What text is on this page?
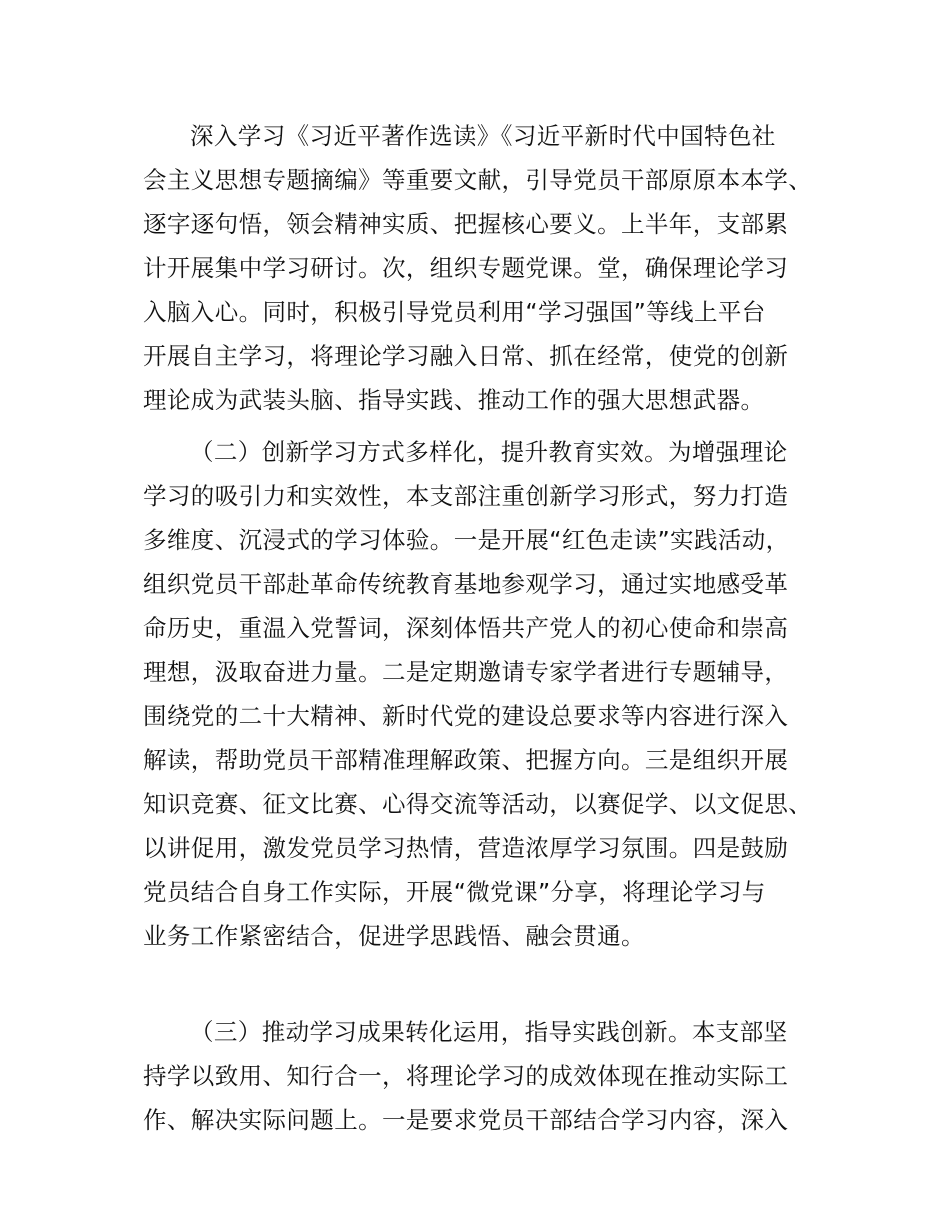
深入学习《习近平著作选读》《习近平新时代中国特色社
会主义思想专题摘编》等重要文献，引导党员干部原原本本学、
逐字逐句悟，领会精神实质、把握核心要义。上半年，支部累
计开展集中学习研讨。次，组织专题党课。堂，确保理论学习
入脑入心。同时，积极引导党员利用“学习强国”等线上平台
开展自主学习，将理论学习融入日常、抓在经常，使党的创新
理论成为武装头脑、指导实践、推动工作的强大思想武器。
（二）创新学习方式多样化，提升教育实效。为增强理论
学习的吸引力和实效性，本支部注重创新学习形式，努力打造
多维度、沉浸式的学习体验。一是开展“红色走读”实践活动，
组织党员干部赴革命传统教育基地参观学习，通过实地感受革
命历史，重温入党誓词，深刻体悟共产党人的初心使命和崇高
理想，汲取奋进力量。二是定期邀请专家学者进行专题辅导，
围绕党的二十大精神、新时代党的建设总要求等内容进行深入
解读，帮助党员干部精准理解政策、把握方向。三是组织开展
知识竞赛、征文比赛、心得交流等活动，以赛促学、以文促思、
以讲促用，激发党员学习热情，营造浓厚学习氛围。四是鼓励
党员结合自身工作实际，开展“微党课”分享，将理论学习与
业务工作紧密结合，促进学思践悟、融会贯通。
（三）推动学习成果转化运用，指导实践创新。本支部坚
持学以致用、知行合一，将理论学习的成效体现在推动实际工
作、解决实际问题上。一是要求党员干部结合学习内容，深入
